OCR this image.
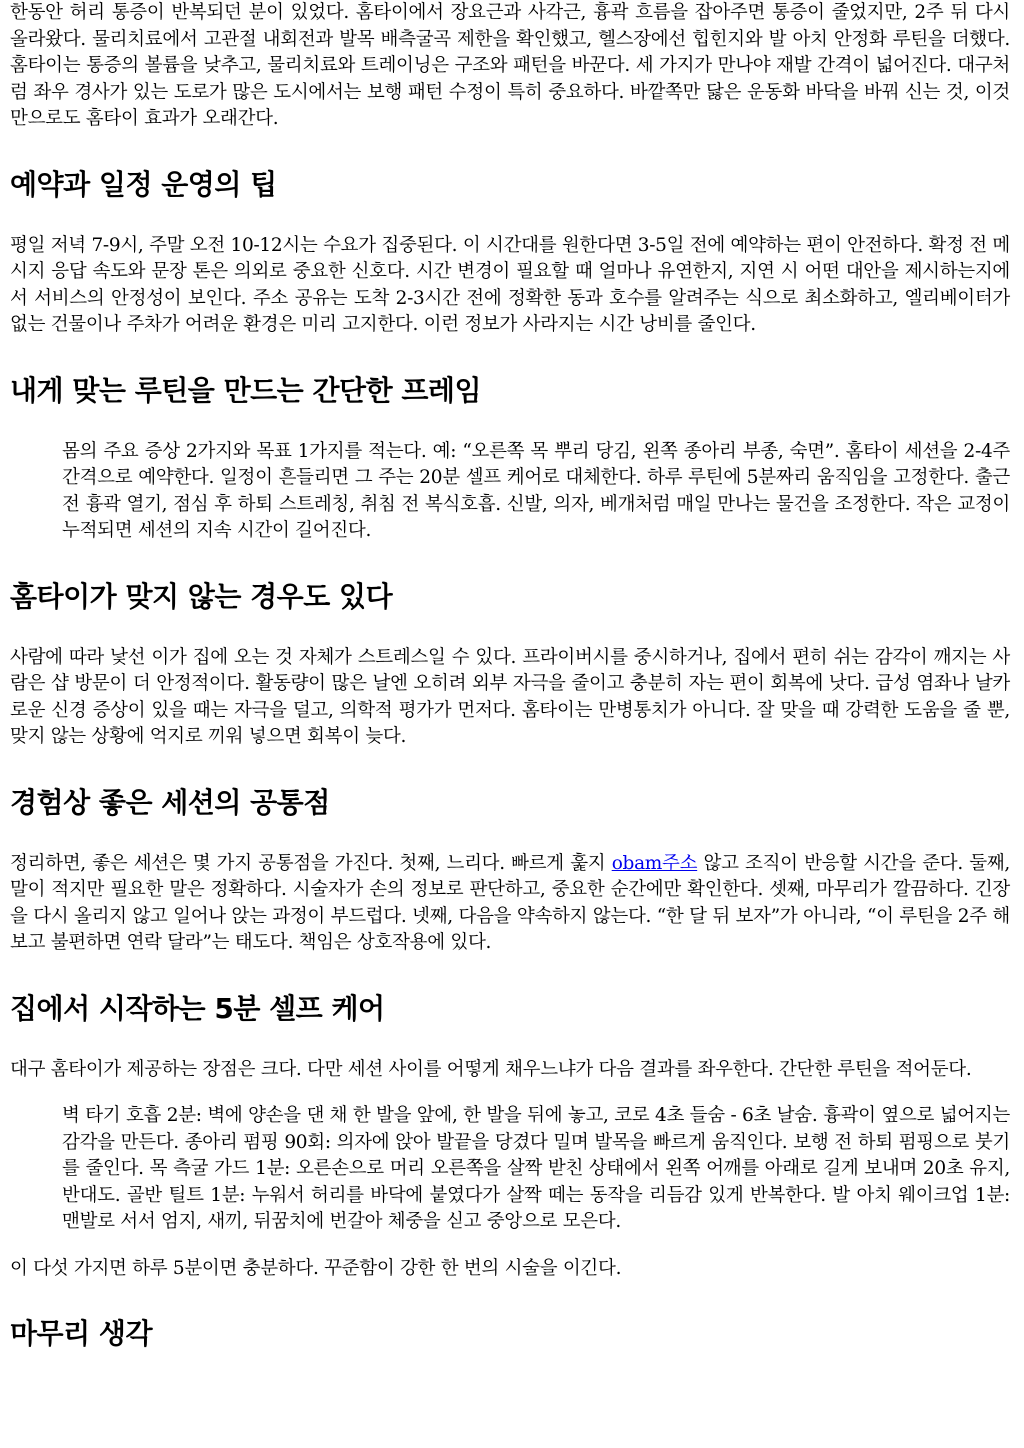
한동안 허리 통증이 반복되던 분이 있었다. 홈타이에서 장요근과 사각근, 흉곽 흐름을 잡아주면 통증이 줄었지만, 2주 뒤 다시 올라왔다. 물리치료에서 고관절 내회전과 발목 배측굴곡 제한을 확인했고, 헬스장에선 힙힌지와 발 아치 안정화 루틴을 더했다. 홈타이는 통증의 볼륨을 낮추고, 물리치료와 트레이닝은 구조와 패턴을 바꾼다. 세 가지가 만나야 재발 간격이 넓어진다. 대구처럼 좌우 경사가 있는 도로가 많은 도시에서는 보행 패턴 수정이 특히 중요하다. 바깥쪽만 닳은 운동화 바닥을 바꿔 신는 것, 이것만으로도 홈타이 효과가 오래간다.

예약과 일정 운영의 팁

평일 저녁 7-9시, 주말 오전 10-12시는 수요가 집중된다. 이 시간대를 원한다면 3-5일 전에 예약하는 편이 안전하다. 확정 전 메시지 응답 속도와 문장 톤은 의외로 중요한 신호다. 시간 변경이 필요할 때 얼마나 유연한지, 지연 시 어떤 대안을 제시하는지에서 서비스의 안정성이 보인다. 주소 공유는 도착 2-3시간 전에 정확한 동과 호수를 알려주는 식으로 최소화하고, 엘리베이터가 없는 건물이나 주차가 어려운 환경은 미리 고지한다. 이런 정보가 사라지는 시간 낭비를 줄인다.

내게 맞는 루틴을 만드는 간단한 프레임

몸의 주요 증상 2가지와 목표 1가지를 적는다. 예: “오른쪽 목 뿌리 당김, 왼쪽 종아리 부종, 숙면”. 홈타이 세션을 2-4주 간격으로 예약한다. 일정이 흔들리면 그 주는 20분 셀프 케어로 대체한다. 하루 루틴에 5분짜리 움직임을 고정한다. 출근 전 흉곽 열기, 점심 후 하퇴 스트레칭, 취침 전 복식호흡. 신발, 의자, 베개처럼 매일 만나는 물건을 조정한다. 작은 교정이 누적되면 세션의 지속 시간이 길어진다.

홈타이가 맞지 않는 경우도 있다

사람에 따라 낯선 이가 집에 오는 것 자체가 스트레스일 수 있다. 프라이버시를 중시하거나, 집에서 편히 쉬는 감각이 깨지는 사람은 샵 방문이 더 안정적이다. 활동량이 많은 날엔 오히려 외부 자극을 줄이고 충분히 자는 편이 회복에 낫다. 급성 염좌나 날카로운 신경 증상이 있을 때는 자극을 덜고, 의학적 평가가 먼저다. 홈타이는 만병통치가 아니다. 잘 맞을 때 강력한 도움을 줄 뿐, 맞지 않는 상황에 억지로 끼워 넣으면 회복이 늦다.

경험상 좋은 세션의 공통점

정리하면, 좋은 세션은 몇 가지 공통점을 가진다. 첫째, 느리다. 빠르게 훑지 obam주소 않고 조직이 반응할 시간을 준다. 둘째, 말이 적지만 필요한 말은 정확하다. 시술자가 손의 정보로 판단하고, 중요한 순간에만 확인한다. 셋째, 마무리가 깔끔하다. 긴장을 다시 올리지 않고 일어나 앉는 과정이 부드럽다. 넷째, 다음을 약속하지 않는다. “한 달 뒤 보자”가 아니라, “이 루틴을 2주 해보고 불편하면 연락 달라”는 태도다. 책임은 상호작용에 있다.

집에서 시작하는 5분 셀프 케어

대구 홈타이가 제공하는 장점은 크다. 다만 세션 사이를 어떻게 채우느냐가 다음 결과를 좌우한다. 간단한 루틴을 적어둔다.

벽 타기 호흡 2분: 벽에 양손을 댄 채 한 발을 앞에, 한 발을 뒤에 놓고, 코로 4초 들숨 - 6초 날숨. 흉곽이 옆으로 넓어지는 감각을 만든다. 종아리 펌핑 90회: 의자에 앉아 발끝을 당겼다 밀며 발목을 빠르게 움직인다. 보행 전 하퇴 펌핑으로 붓기를 줄인다. 목 측굴 가드 1분: 오른손으로 머리 오른쪽을 살짝 받친 상태에서 왼쪽 어깨를 아래로 길게 보내며 20초 유지, 반대도. 골반 틸트 1분: 누워서 허리를 바닥에 붙였다가 살짝 떼는 동작을 리듬감 있게 반복한다. 발 아치 웨이크업 1분: 맨발로 서서 엄지, 새끼, 뒤꿈치에 번갈아 체중을 싣고 중앙으로 모은다.

이 다섯 가지면 하루 5분이면 충분하다. 꾸준함이 강한 한 번의 시술을 이긴다.

마무리 생각
